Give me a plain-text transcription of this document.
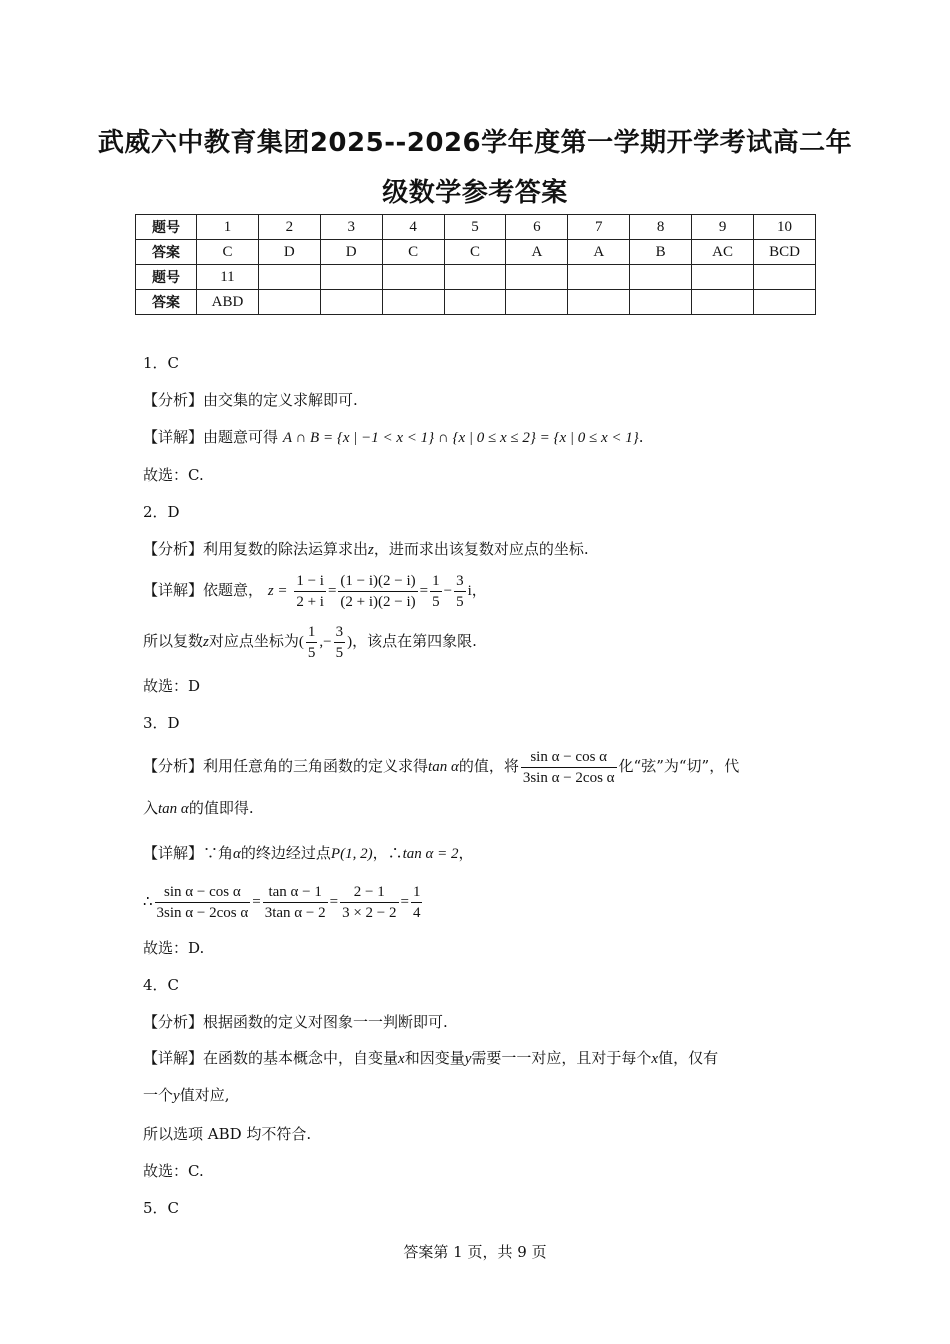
武威六中教育集团2025--2026学年度第一学期开学考试高二年
级数学参考答案
题号	1	2	3	4	5	6	7	8	9	10
答案	C	D	D	C	C	A	A	B	AC	BCD
题号	11									
答案	ABD									
1．C
【分析】由交集的定义求解即可.
【详解】由题意可得 A ∩ B = {x | −1 < x < 1} ∩ {x | 0 ≤ x ≤ 2} = {x | 0 ≤ x < 1}.
故选：C.
2．D
【分析】利用复数的除法运算求出z，进而求出该复数对应点的坐标.
【详解】依题意， $z = \frac{1 - i}{2 + i} = \frac{(1 - i)(2 - i)}{(2 + i)(2 - i)} = \frac{1}{5} - \frac{3}{5}$ i，
所以复数z对应点坐标为( $\frac{1}{5}$ ,− $\frac{3}{5}$ )，该点在第四象限.
故选：D
3．D
【分析】利用任意角的三角函数的定义求得tan α的值，将 $\frac{\text{sin α − cos α}}{\text{3sin α − 2cos α}}$ 化“弦”为“切”，代
入tan α的值即得.
【详解】∵角α的终边经过点P(1, 2)，∴tan α = 2，
∴ $\frac{\text{sin α − cos α}}{\text{3sin α − 2cos α}} = \frac{\text{tan α − 1}}{\text{3tan α − 2}} = \frac{2 - 1}{3 \times 2 - 2} = \frac{1}{4}$
故选：D.
4．C
【分析】根据函数的定义对图象一一判断即可.
【详解】在函数的基本概念中，自变量x和因变量y需要一一对应，且对于每个x值，仅有
一个y值对应,
所以选项 ABD 均不符合.
故选：C.
5．C
答案第 1 页，共 9 页
